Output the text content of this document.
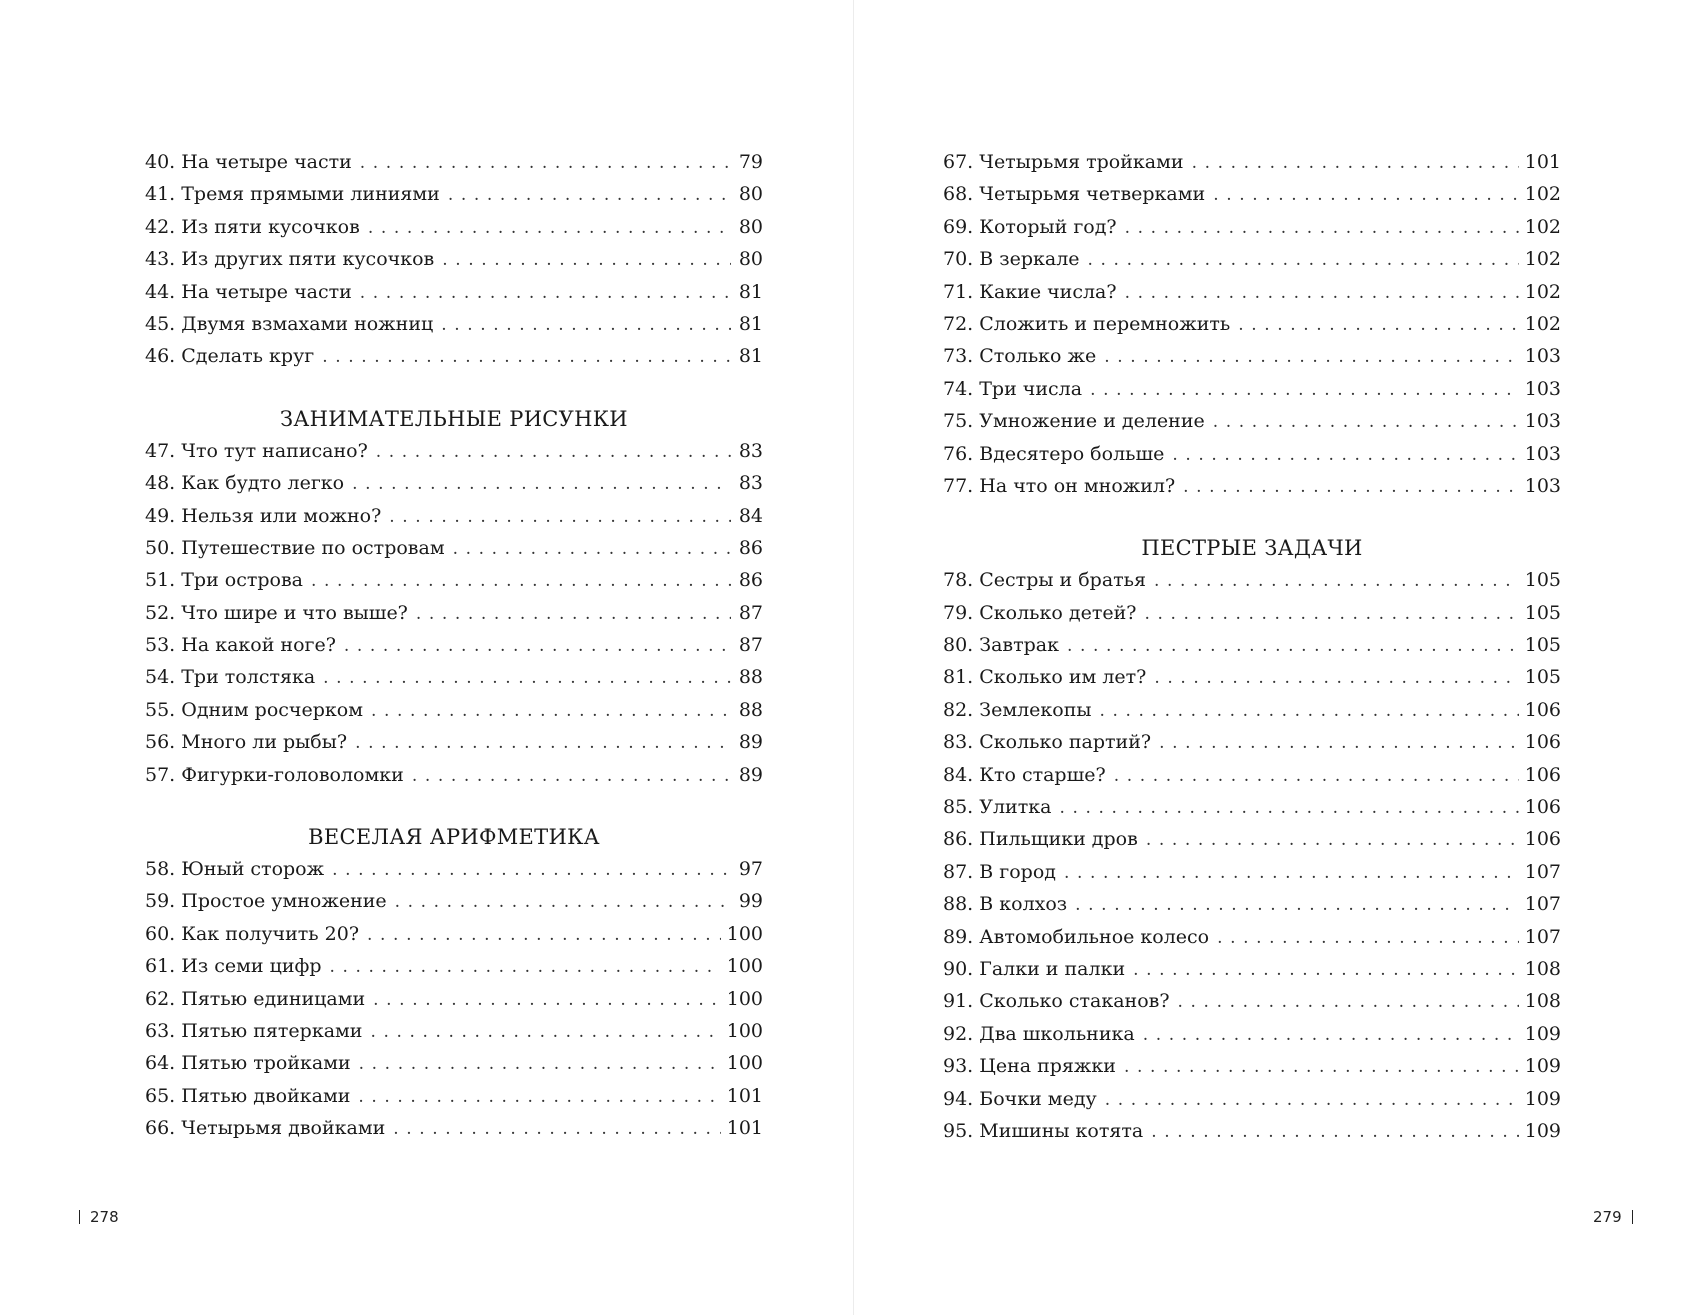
40. На четыре части . . .	79
41. Тремя прямыми линиями . . .	80
42. Из пяти кусочков . . .	80
43. Из других пяти кусочков . . .	80
44. На четыре части . . .	81
45. Двумя взмахами ножниц . . .	81
46. Сделать круг . . .	81
ЗАНИМАТЕЛЬНЫЕ РИСУНКИ
47. Что тут написано? . . .	83
48. Как будто легко . . .	83
49. Нельзя или можно? . . .	84
50. Путешествие по островам . . .	86
51. Три острова . . .	86
52. Что шире и что выше? . . .	87
53. На какой ноге? . . .	87
54. Три толстяка . . .	88
55. Одним росчерком . . .	88
56. Много ли рыбы? . . .	89
57. Фигурки-головоломки . . .	89
ВЕСЕЛАЯ АРИФМЕТИКА
58. Юный сторож . . .	97
59. Простое умножение . . .	99
60. Как получить 20? . . .	100
61. Из семи цифр . . .	100
62. Пятью единицами . . .	100
63. Пятью пятерками . . .	100
64. Пятью тройками . . .	100
65. Пятью двойками . . .	101
66. Четырьмя двойками . . .	101
278
67. Четырьмя тройками . . .	101
68. Четырьмя четверками . . .	102
69. Который год? . . .	102
70. В зеркале . . .	102
71. Какие числа? . . .	102
72. Сложить и перемножить . . .	102
73. Столько же . . .	103
74. Три числа . . .	103
75. Умножение и деление . . .	103
76. Вдесятеро больше . . .	103
77. На что он множил? . . .	103
ПЕСТРЫЕ ЗАДАЧИ
78. Сестры и братья . . .	105
79. Сколько детей? . . .	105
80. Завтрак . . .	105
81. Сколько им лет? . . .	105
82. Землекопы . . .	106
83. Сколько партий? . . .	106
84. Кто старше? . . .	106
85. Улитка . . .	106
86. Пильщики дров . . .	106
87. В город . . .	107
88. В колхоз . . .	107
89. Автомобильное колесо . . .	107
90. Галки и палки . . .	108
91. Сколько стаканов? . . .	108
92. Два школьника . . .	109
93. Цена пряжки . . .	109
94. Бочки меду . . .	109
95. Мишины котята . . .	109
279
